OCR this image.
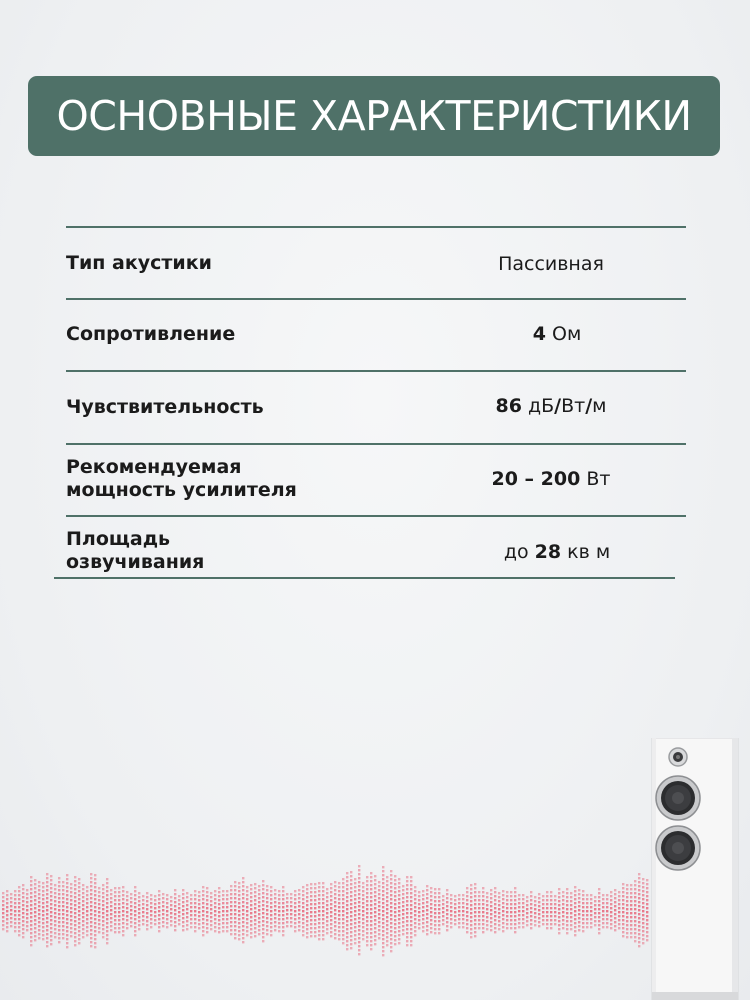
ОСНОВНЫЕ ХАРАКТЕРИСТИКИ
Тип акустики	Пассивная
Сопротивление	4 Ом
Чувствительность	86 дБ/Вт/м
Рекомендуемая
мощность усилителя	20 – 200 Вт
Площадь
озвучивания	до 28 кв м
